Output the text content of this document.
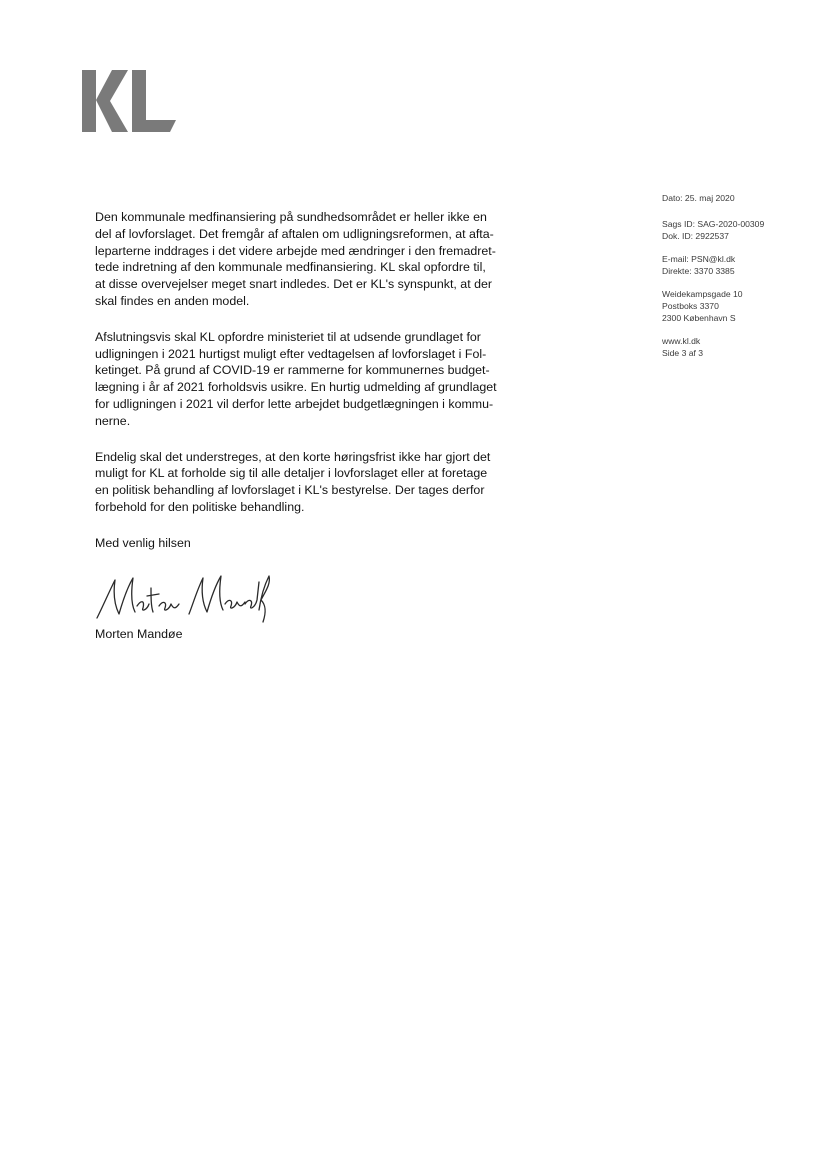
Dato: 25. maj 2020
Sags ID: SAG-2020-00309
Dok. ID: 2922537
E-mail: PSN@kl.dk
Direkte: 3370 3385
Weidekampsgade 10
Postboks 3370
2300 København S
www.kl.dk
Side 3 af 3
Den kommunale medfinansiering på sundhedsområdet er heller ikke en
del af lovforslaget. Det fremgår af aftalen om udligningsreformen, at afta-
leparterne inddrages i det videre arbejde med ændringer i den fremadret-
tede indretning af den kommunale medfinansiering. KL skal opfordre til,
at disse overvejelser meget snart indledes. Det er KL's synspunkt, at der
skal findes en anden model.
Afslutningsvis skal KL opfordre ministeriet til at udsende grundlaget for
udligningen i 2021 hurtigst muligt efter vedtagelsen af lovforslaget i Fol-
ketinget. På grund af COVID-19 er rammerne for kommunernes budget-
lægning i år af 2021 forholdsvis usikre. En hurtig udmelding af grundlaget
for udligningen i 2021 vil derfor lette arbejdet budgetlægningen i kommu-
nerne.
Endelig skal det understreges, at den korte høringsfrist ikke har gjort det
muligt for KL at forholde sig til alle detaljer i lovforslaget eller at foretage
en politisk behandling af lovforslaget i KL's bestyrelse. Der tages derfor
forbehold for den politiske behandling.
Med venlig hilsen
Morten Mandøe
